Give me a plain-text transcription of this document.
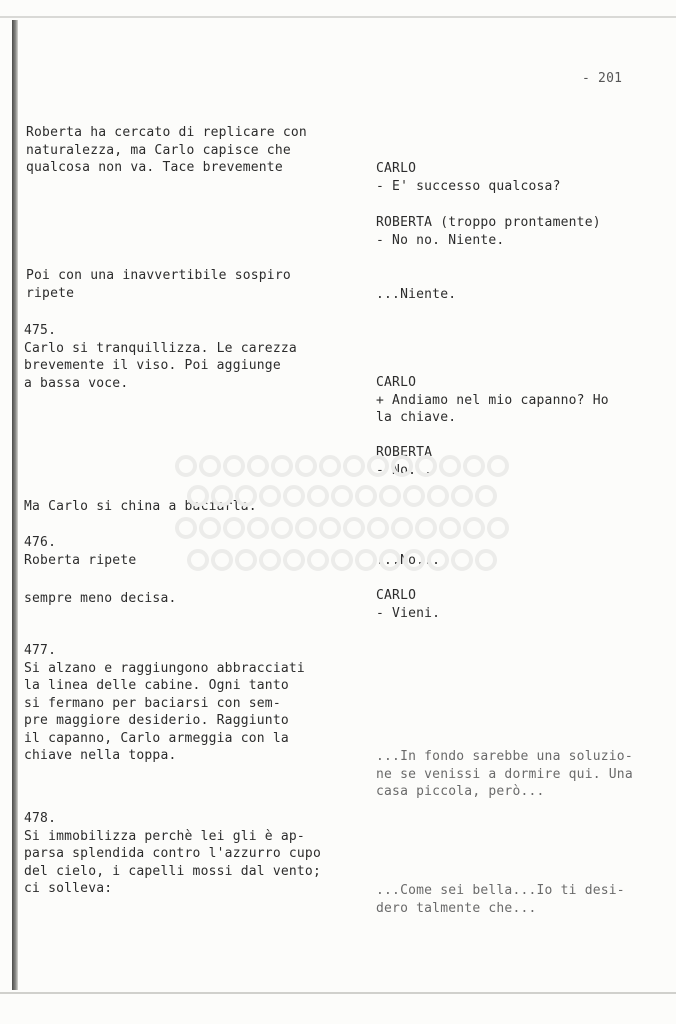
- 201

Roberta ha cercato di replicare con
naturalezza, ma Carlo capisce che
qualcosa non va. Tace brevemente

Poi con una inavvertibile sospiro
ripete

475.
Carlo si tranquillizza. Le carezza
brevemente il viso. Poi aggiunge
a bassa voce.

Ma Carlo si china a baciarla.

476.
Roberta ripete

sempre meno decisa.

477.
Si alzano e raggiungono abbracciati
la linea delle cabine. Ogni tanto
si fermano per baciarsi con sem-
pre maggiore desiderio. Raggiunto
il capanno, Carlo armeggia con la
chiave nella toppa.

478.
Si immobilizza perchè lei gli è ap-
parsa splendida contro l'azzurro cupo
del cielo, i capelli mossi dal vento;
ci solleva:

CARLO
- E' successo qualcosa?

ROBERTA (troppo prontamente)
- No no. Niente.

...Niente.

CARLO
+ Andiamo nel mio capanno? Ho
la chiave.

ROBERTA
- No...

...No...

CARLO
- Vieni.

...In fondo sarebbe una soluzio-
ne se venissi a dormire qui. Una
casa piccola, però...

...Come sei bella...Io ti desi-
dero talmente che...
